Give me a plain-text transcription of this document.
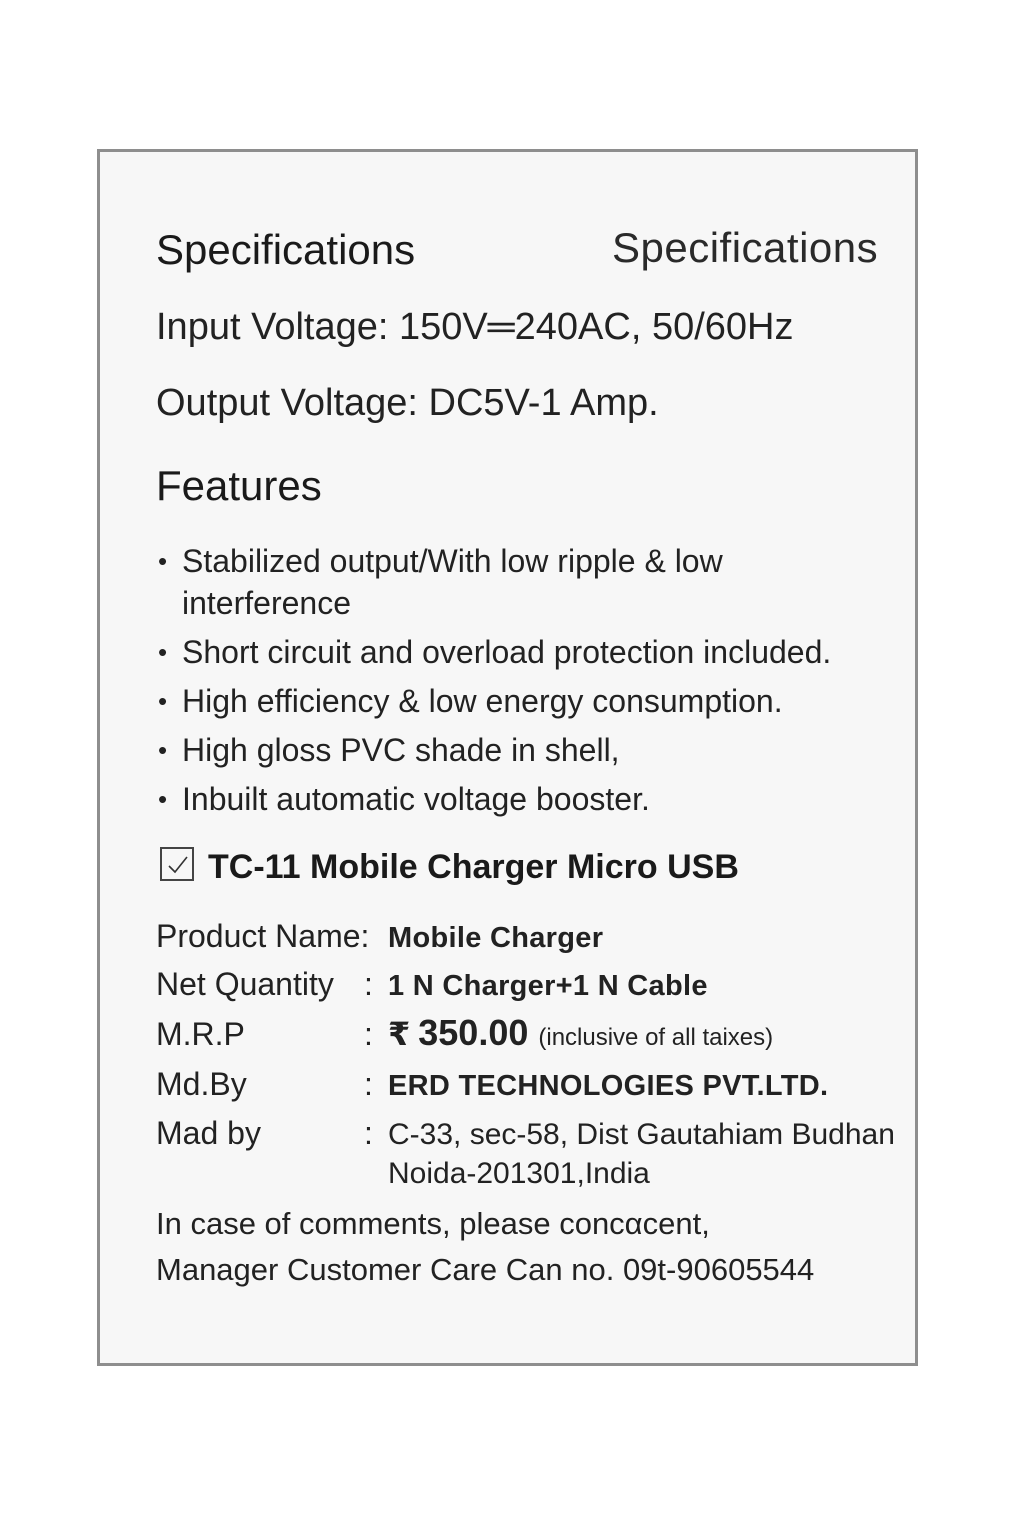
Specifications	Specifications
Input Voltage: 150V═240AC, 50/60Hz
Output Voltage: DC5V-1 Amp.
Features
• Stabilized output/With low ripple & low interference
• Short circuit and overload protection included.
• High efficiency & low energy consumption.
• High gloss PVC shade in shell,
• Inbuilt automatic voltage booster.
TC-11 Mobile Charger Micro USB
Product Name: Mobile Charger
Net Quantity : 1 N Charger+1 N Cable
M.R.P	: ₹ 350.00 (inclusive of all taixes)
Md.By	: ERD TECHNOLOGIES PVT.LTD.
Mad by	: C-33, sec-58, Dist Gautahiam Budhan
Noida-201301,India
In case of comments, please concαcent,
Manager Customer Care Can no. 09t-90605544
